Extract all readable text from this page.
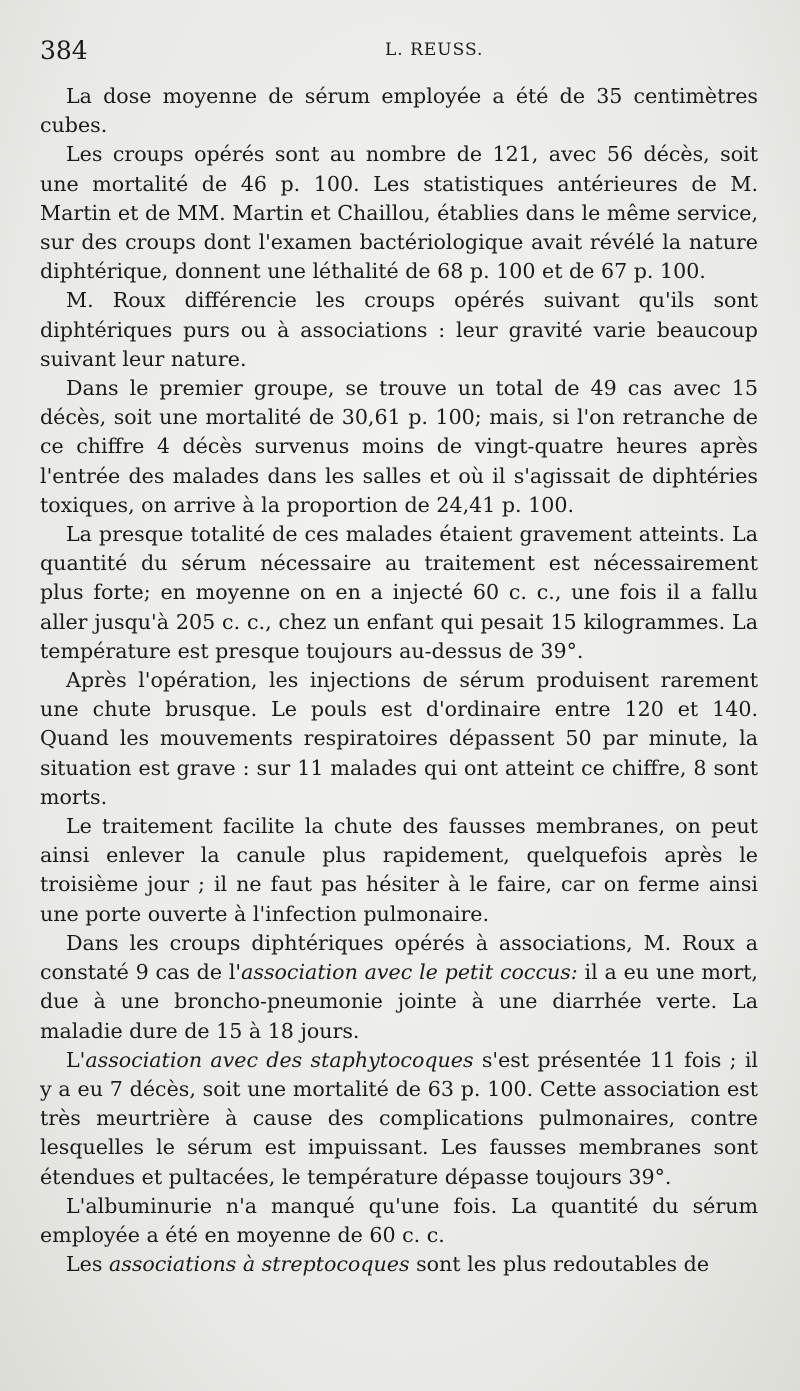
384	L. REUSS.

La dose moyenne de sérum employée a été de 35 centimètres cubes.

Les croups opérés sont au nombre de 121, avec 56 décès, soit une mortalité de 46 p. 100. Les statistiques antérieures de M. Martin et de MM. Martin et Chaillou, établies dans le même service, sur des croups dont l'examen bactériologique avait révélé la nature diphtérique, donnent une léthalité de 68 p. 100 et de 67 p. 100.

M. Roux différencie les croups opérés suivant qu'ils sont diphtériques purs ou à associations : leur gravité varie beaucoup suivant leur nature.

Dans le premier groupe, se trouve un total de 49 cas avec 15 décès, soit une mortalité de 30,61 p. 100; mais, si l'on retranche de ce chiffre 4 décès survenus moins de vingt-quatre heures après l'entrée des malades dans les salles et où il s'agissait de diphtéries toxiques, on arrive à la proportion de 24,41 p. 100.

La presque totalité de ces malades étaient gravement atteints. La quantité du sérum nécessaire au traitement est nécessairement plus forte; en moyenne on en a injecté 60 c. c., une fois il a fallu aller jusqu'à 205 c. c., chez un enfant qui pesait 15 kilogrammes. La température est presque toujours au-dessus de 39°.

Après l'opération, les injections de sérum produisent rarement une chute brusque. Le pouls est d'ordinaire entre 120 et 140. Quand les mouvements respiratoires dépassent 50 par minute, la situation est grave : sur 11 malades qui ont atteint ce chiffre, 8 sont morts.

Le traitement facilite la chute des fausses membranes, on peut ainsi enlever la canule plus rapidement, quelquefois après le troisième jour ; il ne faut pas hésiter à le faire, car on ferme ainsi une porte ouverte à l'infection pulmonaire.

Dans les croups diphtériques opérés à associations, M. Roux a constaté 9 cas de l'association avec le petit coccus: il a eu une mort, due à une broncho-pneumonie jointe à une diarrhée verte. La maladie dure de 15 à 18 jours.

L'association avec des staphytocoques s'est présentée 11 fois ; il y a eu 7 décès, soit une mortalité de 63 p. 100. Cette association est très meurtrière à cause des complications pulmonaires, contre lesquelles le sérum est impuissant. Les fausses membranes sont étendues et pultacées, le température dépasse toujours 39°.

L'albuminurie n'a manqué qu'une fois. La quantité du sérum employée a été en moyenne de 60 c. c.

Les associations à streptocoques sont les plus redoutables de
